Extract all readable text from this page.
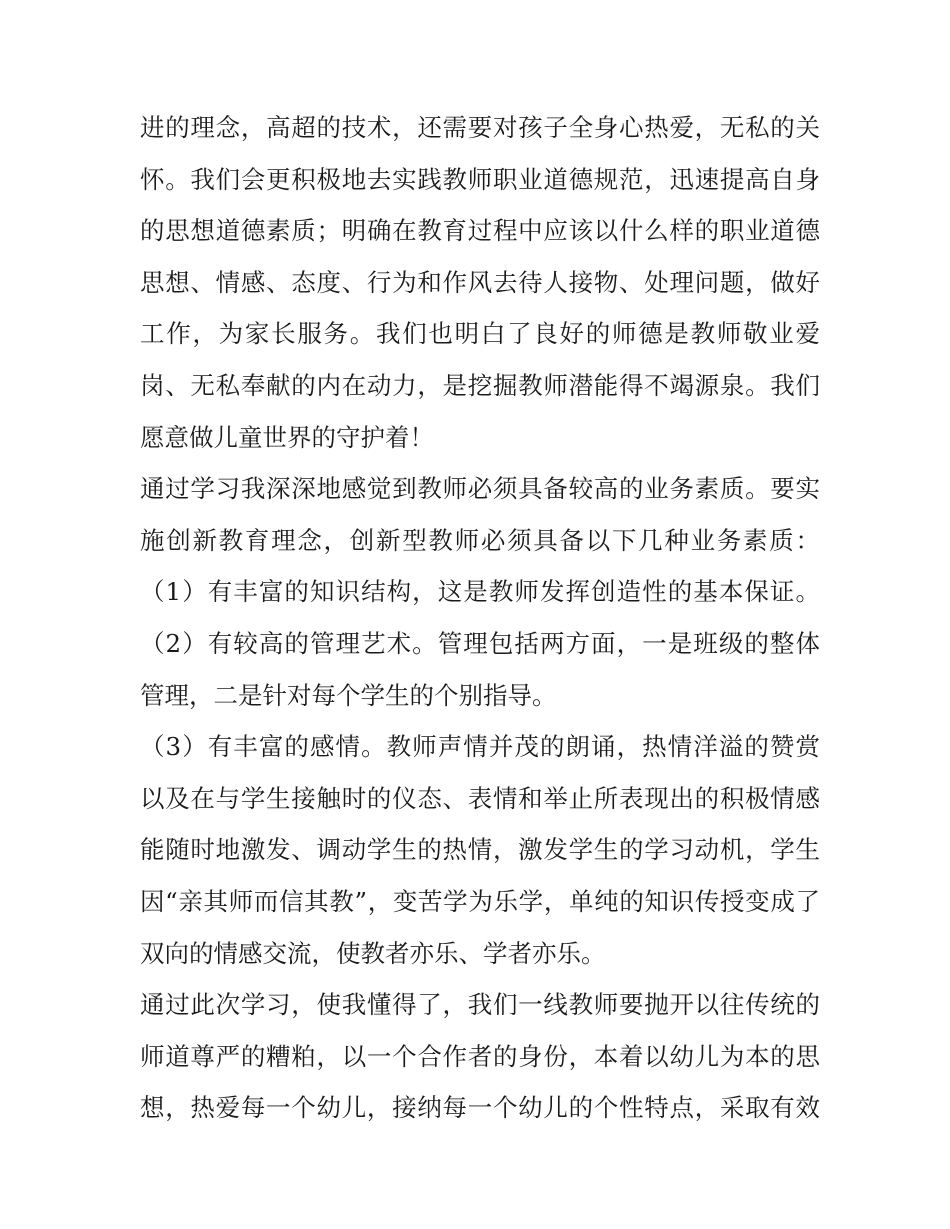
进的理念，高超的技术，还需要对孩子全身心热爱，无私的关
怀。我们会更积极地去实践教师职业道德规范，迅速提高自身
的思想道德素质；明确在教育过程中应该以什么样的职业道德
思想、情感、态度、行为和作风去待人接物、处理问题，做好
工作，为家长服务。我们也明白了良好的师德是教师敬业爱
岗、无私奉献的内在动力，是挖掘教师潜能得不竭源泉。我们
愿意做儿童世界的守护着！
通过学习我深深地感觉到教师必须具备较高的业务素质。要实
施创新教育理念，创新型教师必须具备以下几种业务素质：
（1）有丰富的知识结构，这是教师发挥创造性的基本保证。
（2）有较高的管理艺术。管理包括两方面，一是班级的整体
管理，二是针对每个学生的个别指导。
（3）有丰富的感情。教师声情并茂的朗诵，热情洋溢的赞赏
以及在与学生接触时的仪态、表情和举止所表现出的积极情感
能随时地激发、调动学生的热情，激发学生的学习动机，学生
因“亲其师而信其教”，变苦学为乐学，单纯的知识传授变成了
双向的情感交流，使教者亦乐、学者亦乐。
通过此次学习，使我懂得了，我们一线教师要抛开以往传统的
师道尊严的糟粕，以一个合作者的身份，本着以幼儿为本的思
想，热爱每一个幼儿，接纳每一个幼儿的个性特点，采取有效
